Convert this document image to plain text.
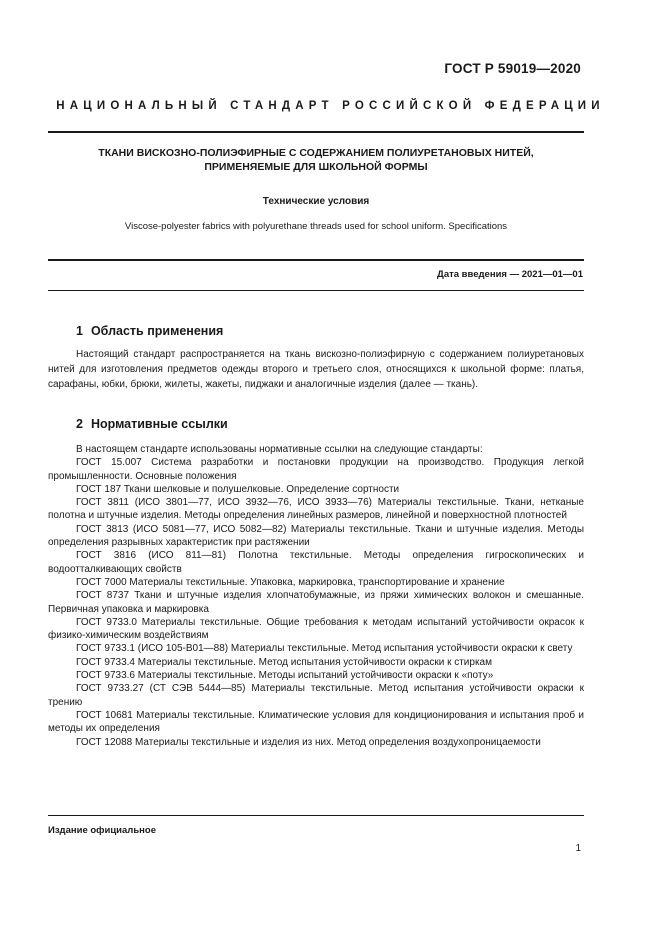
ГОСТ Р 59019—2020
НАЦИОНАЛЬНЫЙ СТАНДАРТ РОССИЙСКОЙ ФЕДЕРАЦИИ
ТКАНИ ВИСКОЗНО-ПОЛИЭФИРНЫЕ С СОДЕРЖАНИЕМ ПОЛИУРЕТАНОВЫХ НИТЕЙ,
ПРИМЕНЯЕМЫЕ ДЛЯ ШКОЛЬНОЙ ФОРМЫ
Технические условия
Viscose-polyester fabrics with polyurethane threads used for school uniform. Specifications
Дата введения — 2021—01—01
1 Область применения

Настоящий стандарт распространяется на ткань вискозно-полиэфирную с содержанием полиуретановых нитей для изготовления предметов одежды второго и третьего слоя, относящихся к школьной форме: платья, сарафаны, юбки, брюки, жилеты, жакеты, пиджаки и аналогичные изделия (далее — ткань).

2 Нормативные ссылки

В настоящем стандарте использованы нормативные ссылки на следующие стандарты:

ГОСТ 15.007 Система разработки и постановки продукции на производство. Продукция легкой промышленности. Основные положения

ГОСТ 187 Ткани шелковые и полушелковые. Определение сортности

ГОСТ 3811 (ИСО 3801—77, ИСО 3932—76, ИСО 3933—76) Материалы текстильные. Ткани, нетканые полотна и штучные изделия. Методы определения линейных размеров, линейной и поверхностной плотностей

ГОСТ 3813 (ИСО 5081—77, ИСО 5082—82) Материалы текстильные. Ткани и штучные изделия. Методы определения разрывных характеристик при растяжении

ГОСТ 3816 (ИСО 811—81) Полотна текстильные. Методы определения гигроскопических и водоотталкивающих свойств

ГОСТ 7000 Материалы текстильные. Упаковка, маркировка, транспортирование и хранение

ГОСТ 8737 Ткани и штучные изделия хлопчатобумажные, из пряжи химических волокон и смешанные. Первичная упаковка и маркировка

ГОСТ 9733.0 Материалы текстильные. Общие требования к методам испытаний устойчивости окрасок к физико-химическим воздействиям

ГОСТ 9733.1 (ИСО 105-В01—88) Материалы текстильные. Метод испытания устойчивости окраски к свету

ГОСТ 9733.4 Материалы текстильные. Метод испытания устойчивости окраски к стиркам

ГОСТ 9733.6 Материалы текстильные. Методы испытаний устойчивости окраски к «поту»

ГОСТ 9733.27 (СТ СЭВ 5444—85) Материалы текстильные. Метод испытания устойчивости окраски к трению

ГОСТ 10681 Материалы текстильные. Климатические условия для кондиционирования и испытания проб и методы их определения

ГОСТ 12088 Материалы текстильные и изделия из них. Метод определения воздухопроницаемости

Издание официальное
1
